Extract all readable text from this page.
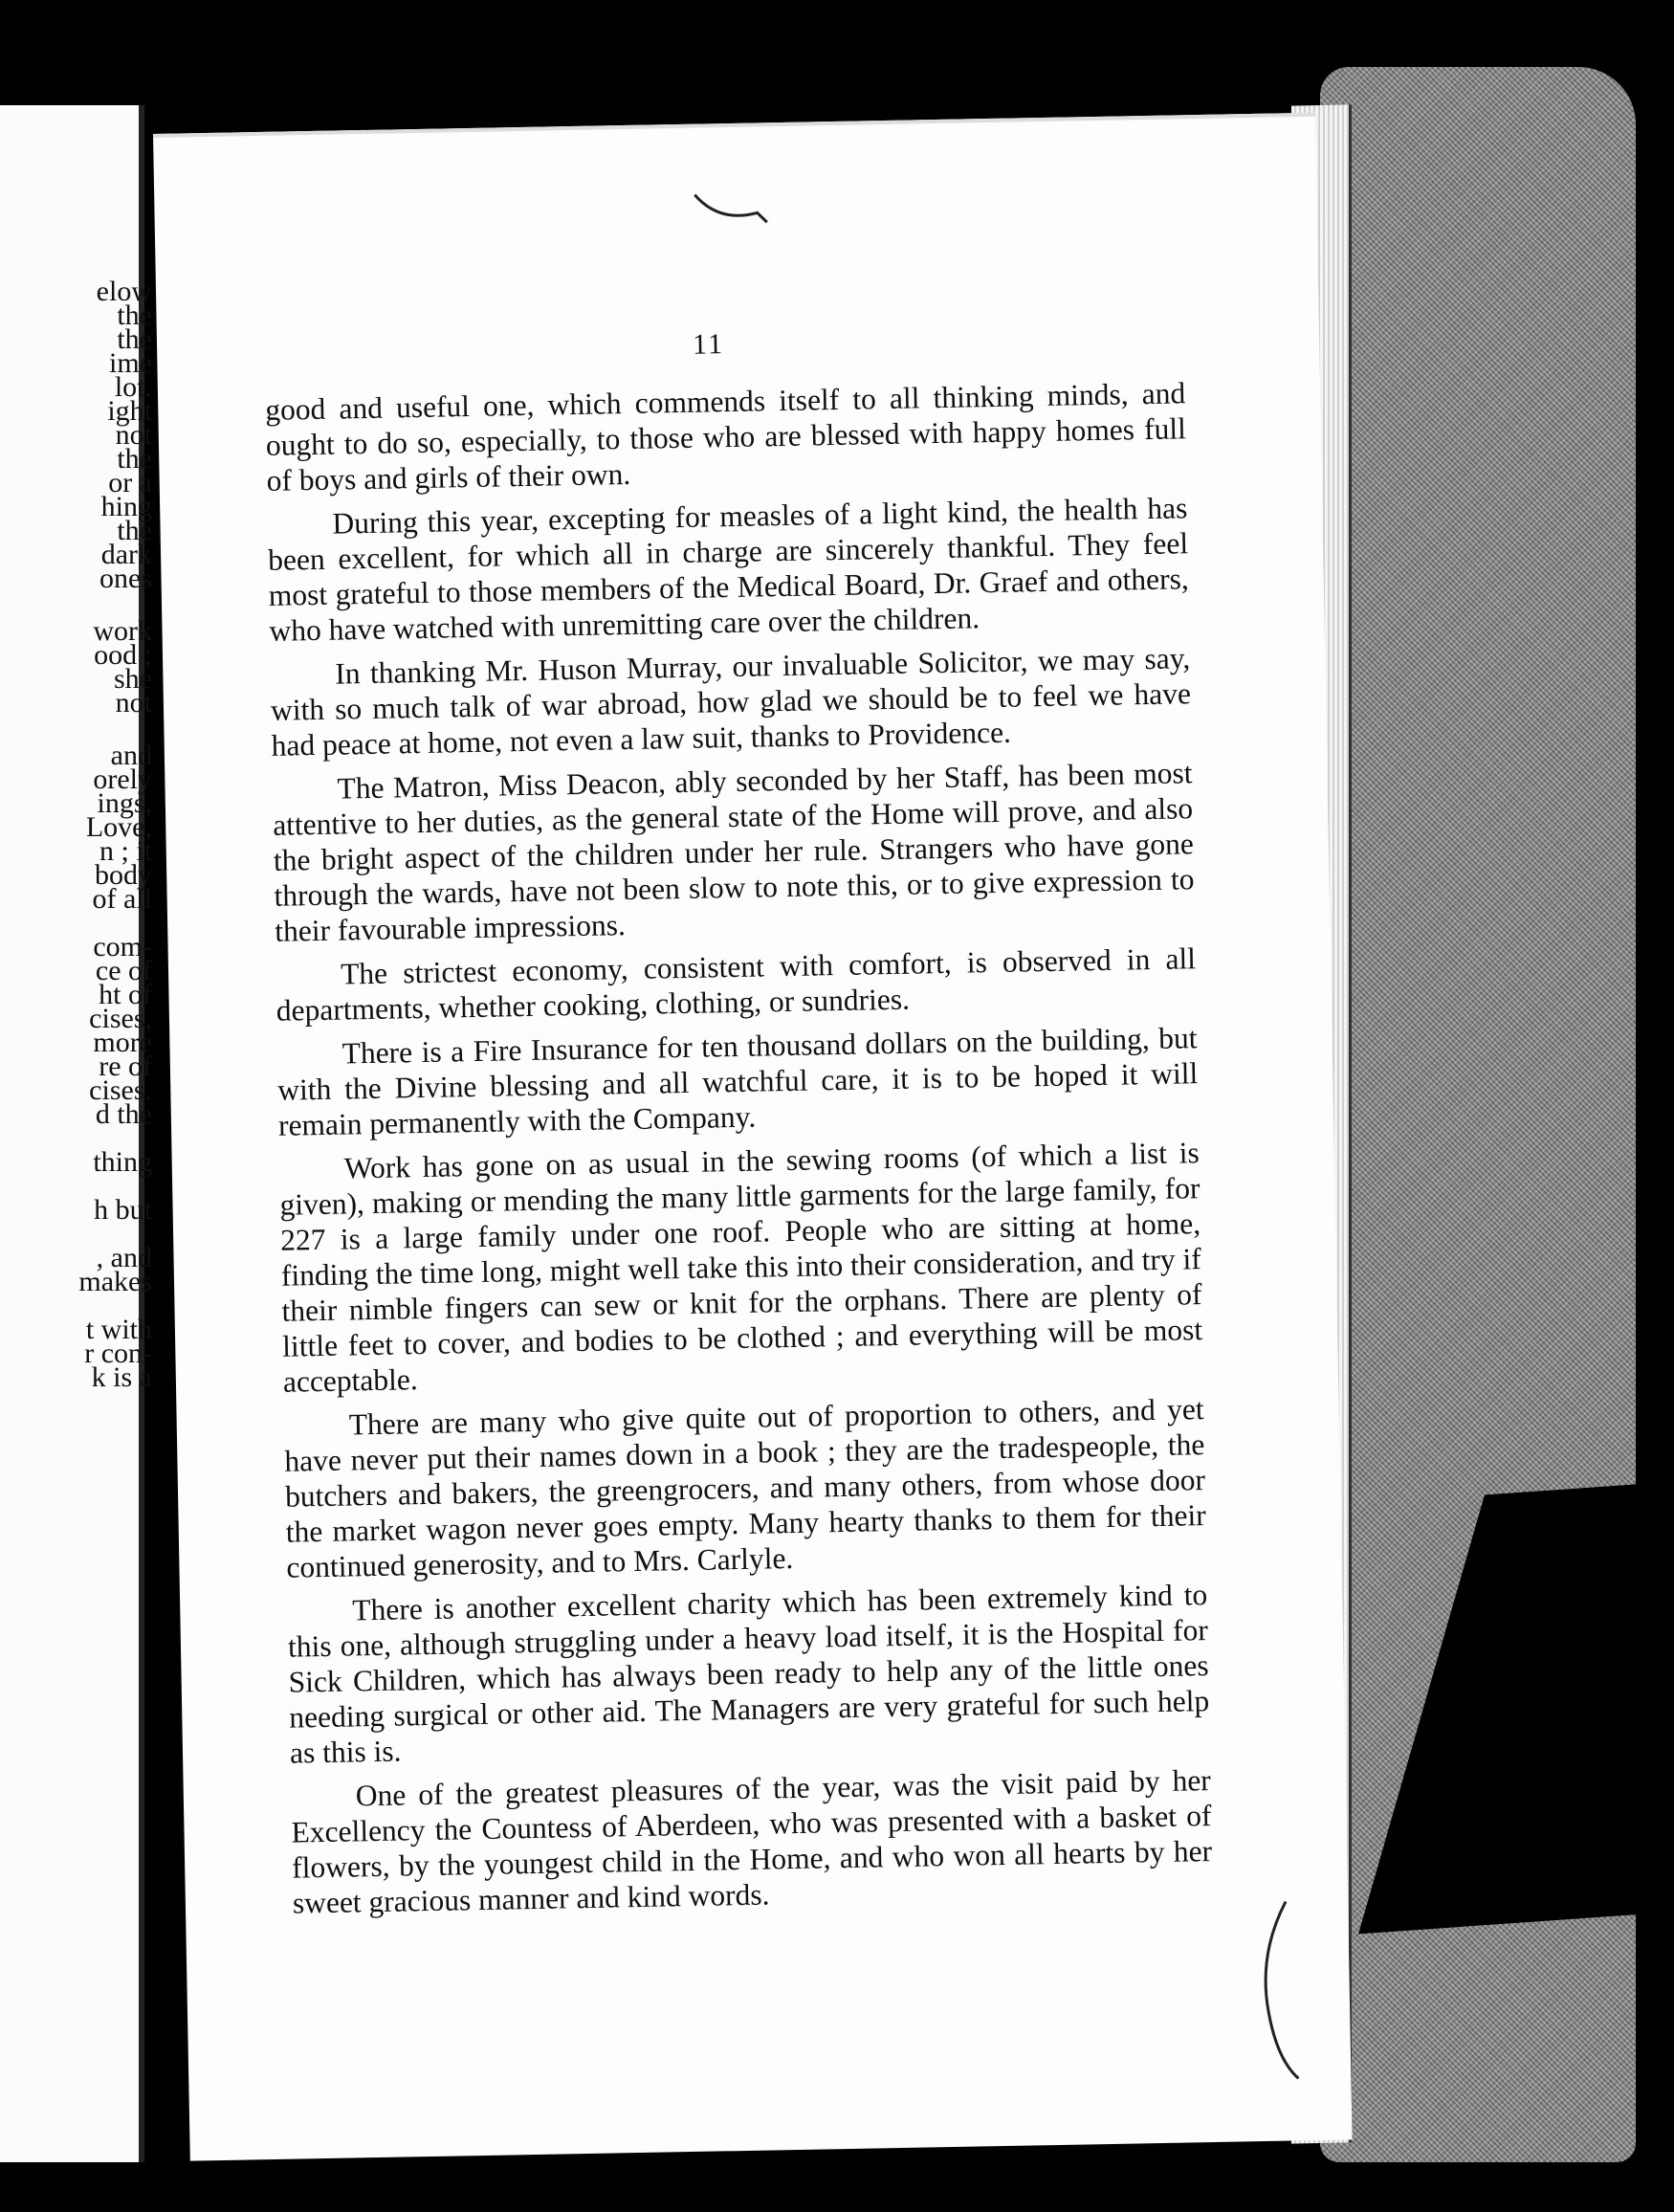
elow
the
the
ime
lot.
ight
not
the
or a
hing
the
dark
ones
work
ood ;
she
not
and
orely
ings,
Love,
n ; it
body
of all
com-
ce of
ht of
cises,
more
re of
cises.
d the
thing
h but
, and
makes
t with
r con-
k is a
11

good and useful one, which commends itself to all thinking minds, and ought to do so, especially, to those who are blessed with happy homes full of boys and girls of their own.

During this year, excepting for measles of a light kind, the health has been excellent, for which all in charge are sincerely thankful. They feel most grateful to those members of the Medical Board, Dr. Graef and others, who have watched with unremitting care over the children.

In thanking Mr. Huson Murray, our invaluable Solicitor, we may say, with so much talk of war abroad, how glad we should be to feel we have had peace at home, not even a law suit, thanks to Providence.

The Matron, Miss Deacon, ably seconded by her Staff, has been most attentive to her duties, as the general state of the Home will prove, and also the bright aspect of the children under her rule. Strangers who have gone through the wards, have not been slow to note this, or to give expression to their favourable impressions.

The strictest economy, consistent with comfort, is observed in all departments, whether cooking, clothing, or sundries.

There is a Fire Insurance for ten thousand dollars on the building, but with the Divine blessing and all watchful care, it is to be hoped it will remain permanently with the Company.

Work has gone on as usual in the sewing rooms (of which a list is given), making or mending the many little garments for the large family, for 227 is a large family under one roof. People who are sitting at home, finding the time long, might well take this into their consideration, and try if their nimble fingers can sew or knit for the orphans. There are plenty of little feet to cover, and bodies to be clothed ; and everything will be most acceptable.

There are many who give quite out of proportion to others, and yet have never put their names down in a book ; they are the tradespeople, the butchers and bakers, the greengrocers, and many others, from whose door the market wagon never goes empty. Many hearty thanks to them for their continued generosity, and to Mrs. Carlyle.

There is another excellent charity which has been extremely kind to this one, although struggling under a heavy load itself, it is the Hospital for Sick Children, which has always been ready to help any of the little ones needing surgical or other aid. The Managers are very grateful for such help as this is.

One of the greatest pleasures of the year, was the visit paid by her Excellency the Countess of Aberdeen, who was presented with a basket of flowers, by the youngest child in the Home, and who won all hearts by her sweet gracious manner and kind words.
